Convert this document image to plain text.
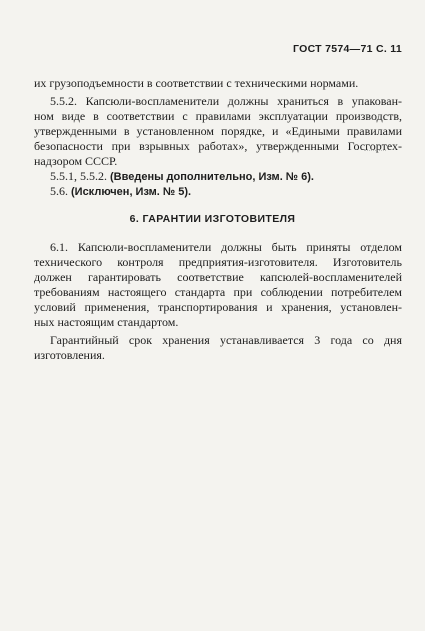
ГОСТ 7574—71 С. 11
их грузоподъемности в соответствии с техническими нормами.
5.5.2. Капсюли-воспламенители должны храниться в упакован-
ном виде в соответствии с правилами эксплуатации производств,
утвержденными в установленном порядке, и «Едиными правилами
безопасности при взрывных работах», утвержденными Госгортех-
надзором СССР.
5.5.1, 5.5.2. (Введены дополнительно, Изм. № 6).
5.6. (Исключен, Изм. № 5).
6. ГАРАНТИИ ИЗГОТОВИТЕЛЯ
6.1. Капсюли-воспламенители должны быть приняты отделом
технического контроля предприятия-изготовителя. Изготовитель
должен гарантировать соответствие капсюлей-воспламенителей
требованиям настоящего стандарта при соблюдении потребителем
условий применения, транспортирования и хранения, установлен-
ных настоящим стандартом.
Гарантийный срок хранения устанавливается 3 года со дня
изготовления.
